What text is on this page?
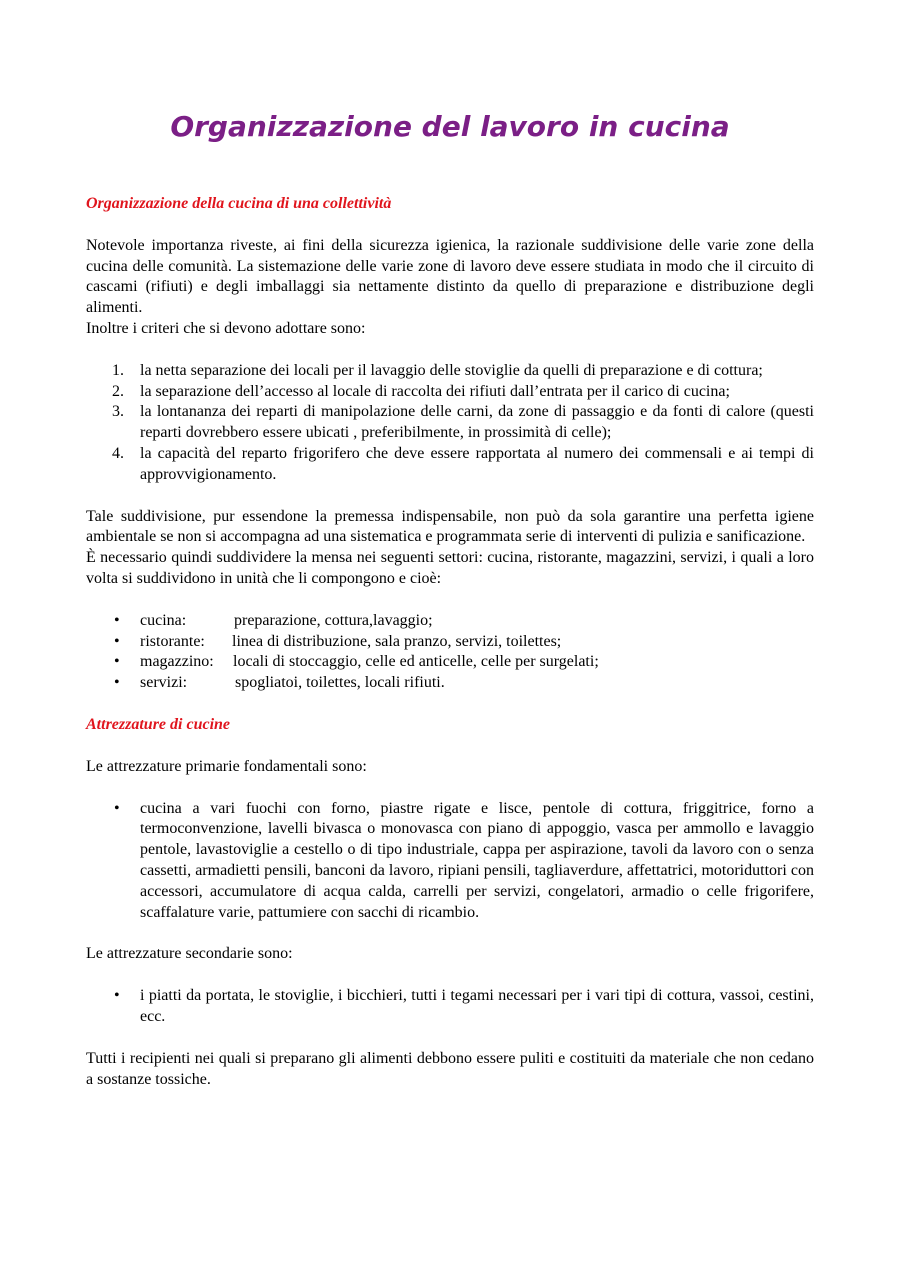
Organizzazione del lavoro in cucina
Organizzazione della cucina di una collettività

Notevole importanza riveste, ai fini della sicurezza igienica, la razionale suddivisione delle varie zone della cucina delle comunità. La sistemazione delle varie zone di lavoro deve essere studiata in modo che il circuito di cascami (rifiuti) e degli imballaggi sia nettamente distinto da quello di preparazione e distribuzione degli alimenti.

Inoltre i criteri che si devono adottare sono:

1. la netta separazione dei locali per il lavaggio delle stoviglie da quelli di preparazione e di cottura;
2. la separazione dell’accesso al locale di raccolta dei rifiuti dall’entrata per il carico di cucina;
3. la lontananza dei reparti di manipolazione delle carni, da zone di passaggio e da fonti di calore (questi reparti dovrebbero essere ubicati , preferibilmente, in prossimità di celle);
4. la capacità del reparto frigorifero che deve essere rapportata al numero dei commensali e ai tempi di approvvigionamento.

Tale suddivisione, pur essendone la premessa indispensabile, non può da sola garantire una perfetta igiene ambientale se non si accompagna ad una sistematica e programmata serie di interventi di pulizia e sanificazione.

È necessario quindi suddividere la mensa nei seguenti settori: cucina, ristorante, magazzini, servizi, i quali a loro volta si suddividono in unità che li compongono e cioè:

• cucina:	preparazione, cottura,lavaggio;
• ristorante: linea di distribuzione, sala pranzo, servizi, toilettes;
• magazzino: locali di stoccaggio, celle ed anticelle, celle per surgelati;
• servizi:	spogliatoi, toilettes, locali rifiuti.
Attrezzature di cucine

Le attrezzature primarie fondamentali sono:

• cucina a vari fuochi con forno, piastre rigate e lisce, pentole di cottura, friggitrice, forno a termoconvenzione, lavelli bivasca o monovasca con piano di appoggio, vasca per ammollo e lavaggio pentole, lavastoviglie a cestello o di tipo industriale, cappa per aspirazione, tavoli da lavoro con o senza cassetti, armadietti pensili, banconi da lavoro, ripiani pensili, tagliaverdure, affettatrici, motoriduttori con accessori, accumulatore di acqua calda, carrelli per servizi, congelatori, armadio o celle frigorifere, scaffalature varie, pattumiere con sacchi di ricambio.

Le attrezzature secondarie sono:

• i piatti da portata, le stoviglie, i bicchieri, tutti i tegami necessari per i vari tipi di cottura, vassoi, cestini, ecc.

Tutti i recipienti nei quali si preparano gli alimenti debbono essere puliti e costituiti da materiale che non cedano a sostanze tossiche.
